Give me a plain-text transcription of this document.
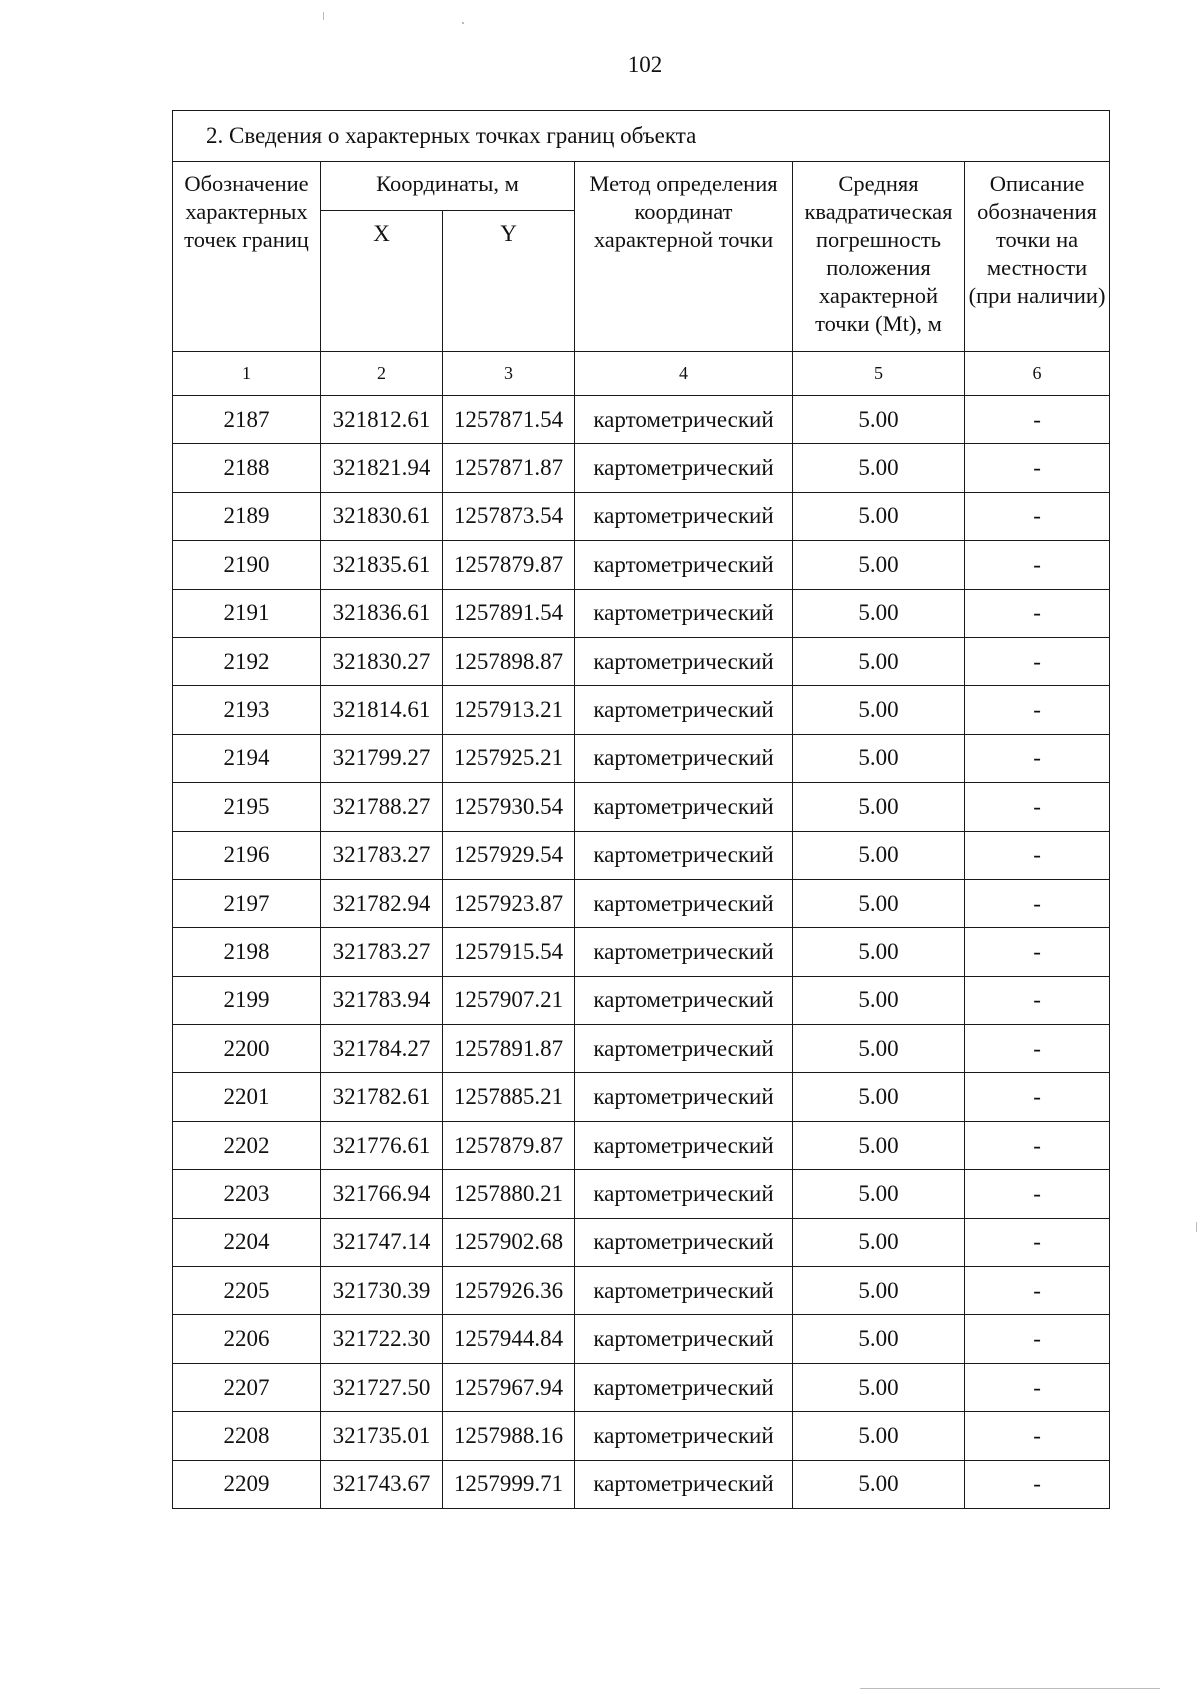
102
2. Сведения о характерных точках границ объекта					
Обозначение характерных точек границ	Координаты, м		Метод определения координат характерной точки	Средняя квадратическая погрешность положения характерной точки (Mt), м	Описание обозначения точки на местности (при наличии)
	X	Y			
1	2	3	4	5	6
2187	321812.61	1257871.54	картометрический	5.00	-
2188	321821.94	1257871.87	картометрический	5.00	-
2189	321830.61	1257873.54	картометрический	5.00	-
2190	321835.61	1257879.87	картометрический	5.00	-
2191	321836.61	1257891.54	картометрический	5.00	-
2192	321830.27	1257898.87	картометрический	5.00	-
2193	321814.61	1257913.21	картометрический	5.00	-
2194	321799.27	1257925.21	картометрический	5.00	-
2195	321788.27	1257930.54	картометрический	5.00	-
2196	321783.27	1257929.54	картометрический	5.00	-
2197	321782.94	1257923.87	картометрический	5.00	-
2198	321783.27	1257915.54	картометрический	5.00	-
2199	321783.94	1257907.21	картометрический	5.00	-
2200	321784.27	1257891.87	картометрический	5.00	-
2201	321782.61	1257885.21	картометрический	5.00	-
2202	321776.61	1257879.87	картометрический	5.00	-
2203	321766.94	1257880.21	картометрический	5.00	-
2204	321747.14	1257902.68	картометрический	5.00	-
2205	321730.39	1257926.36	картометрический	5.00	-
2206	321722.30	1257944.84	картометрический	5.00	-
2207	321727.50	1257967.94	картометрический	5.00	-
2208	321735.01	1257988.16	картометрический	5.00	-
2209	321743.67	1257999.71	картометрический	5.00	-
